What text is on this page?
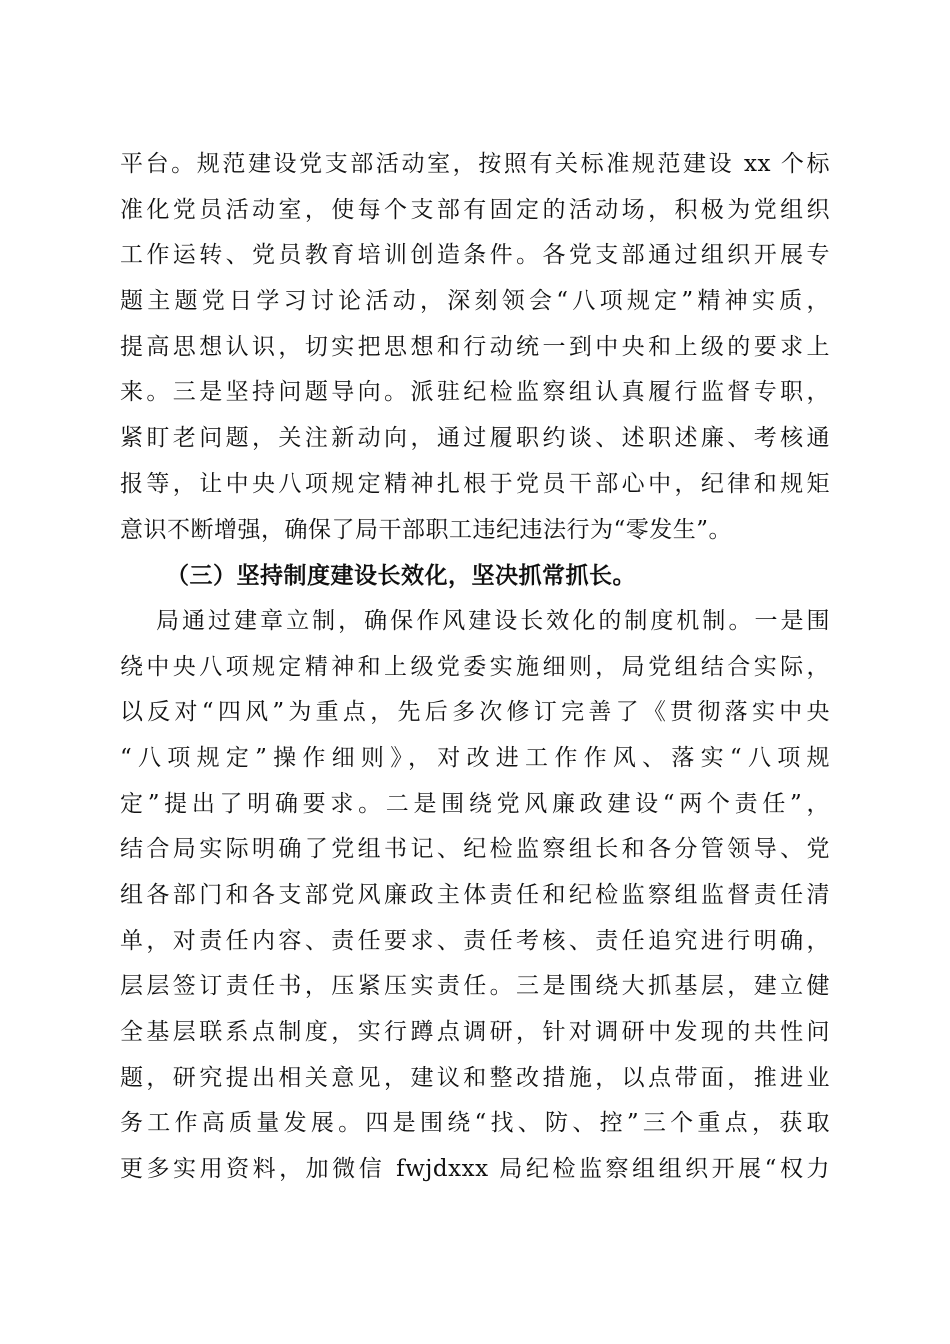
平台。规范建设党支部活动室，按照有关标准规范建设 xx 个标
准化党员活动室，使每个支部有固定的活动场，积极为党组织
工作运转、党员教育培训创造条件。各党支部通过组织开展专
题主题党日学习讨论活动，深刻领会“八项规定”精神实质，
提高思想认识，切实把思想和行动统一到中央和上级的要求上
来。三是坚持问题导向。派驻纪检监察组认真履行监督专职，
紧盯老问题，关注新动向，通过履职约谈、述职述廉、考核通
报等，让中央八项规定精神扎根于党员干部心中，纪律和规矩
意识不断增强，确保了局干部职工违纪违法行为“零发生”。
（三）坚持制度建设长效化，坚决抓常抓长。
局通过建章立制，确保作风建设长效化的制度机制。一是围
绕中央八项规定精神和上级党委实施细则，局党组结合实际，
以反对“四风”为重点，先后多次修订完善了《贯彻落实中央
“八项规定”操作细则》，对改进工作作风、落实“八项规
定”提出了明确要求。二是围绕党风廉政建设“两个责任”，
结合局实际明确了党组书记、纪检监察组长和各分管领导、党
组各部门和各支部党风廉政主体责任和纪检监察组监督责任清
单，对责任内容、责任要求、责任考核、责任追究进行明确，
层层签订责任书，压紧压实责任。三是围绕大抓基层，建立健
全基层联系点制度，实行蹲点调研，针对调研中发现的共性问
题，研究提出相关意见，建议和整改措施，以点带面，推进业
务工作高质量发展。四是围绕“找、防、控”三个重点，获取
更多实用资料，加微信 fwjdxxx 局纪检监察组组织开展“权力
